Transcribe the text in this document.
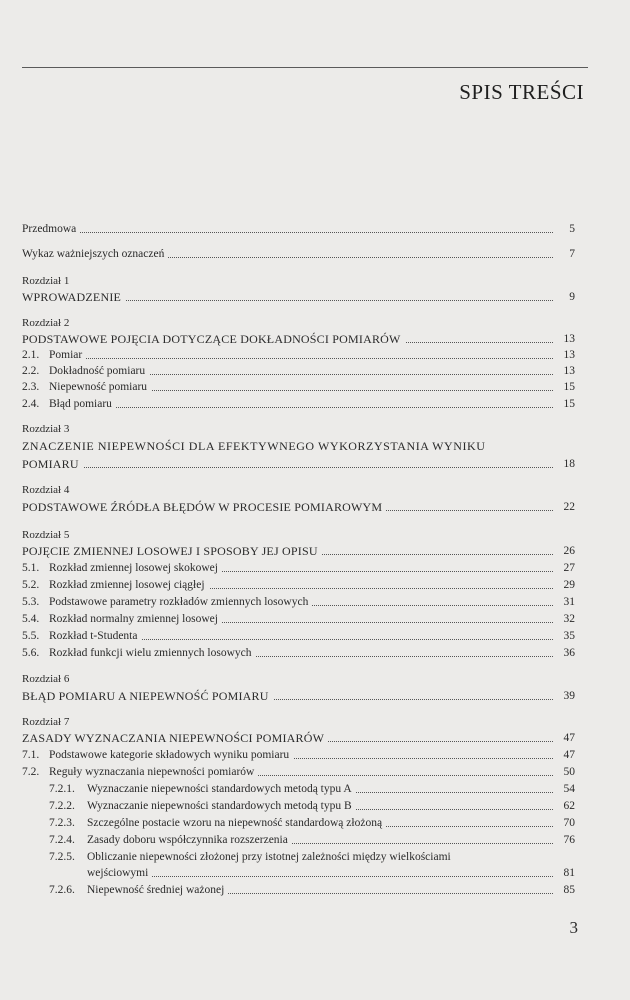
SPIS TREŚCI
Przedmowa	5
Wykaz ważniejszych oznaczeń	7
Rozdział 1
WPROWADZENIE	9
Rozdział 2
PODSTAWOWE POJĘCIA DOTYCZĄCE DOKŁADNOŚCI POMIARÓW	13
2.1. Pomiar	13
2.2. Dokładność pomiaru	13
2.3. Niepewność pomiaru	15
2.4. Błąd pomiaru	15
Rozdział 3
ZNACZENIE NIEPEWNOŚCI DLA EFEKTYWNEGO WYKORZYSTANIA WYNIKU
POMIARU	18
Rozdział 4
PODSTAWOWE ŹRÓDŁA BŁĘDÓW W PROCESIE POMIAROWYM	22
Rozdział 5
POJĘCIE ZMIENNEJ LOSOWEJ I SPOSOBY JEJ OPISU	26
5.1. Rozkład zmiennej losowej skokowej	27
5.2. Rozkład zmiennej losowej ciągłej	29
5.3. Podstawowe parametry rozkładów zmiennych losowych	31
5.4. Rozkład normalny zmiennej losowej	32
5.5. Rozkład t-Studenta	35
5.6. Rozkład funkcji wielu zmiennych losowych	36
Rozdział 6
BŁĄD POMIARU A NIEPEWNOŚĆ POMIARU	39
Rozdział 7
ZASADY WYZNACZANIA NIEPEWNOŚCI POMIARÓW	47
7.1. Podstawowe kategorie składowych wyniku pomiaru	47
7.2. Reguły wyznaczania niepewności pomiarów	50
7.2.1. Wyznaczanie niepewności standardowych metodą typu A	54
7.2.2. Wyznaczanie niepewności standardowych metodą typu B	62
7.2.3. Szczególne postacie wzoru na niepewność standardową złożoną	70
7.2.4. Zasady doboru współczynnika rozszerzenia	76
7.2.5. Obliczanie niepewności złożonej przy istotnej zależności między wielkościami
wejściowymi	81
7.2.6. Niepewność średniej ważonej	85
3
